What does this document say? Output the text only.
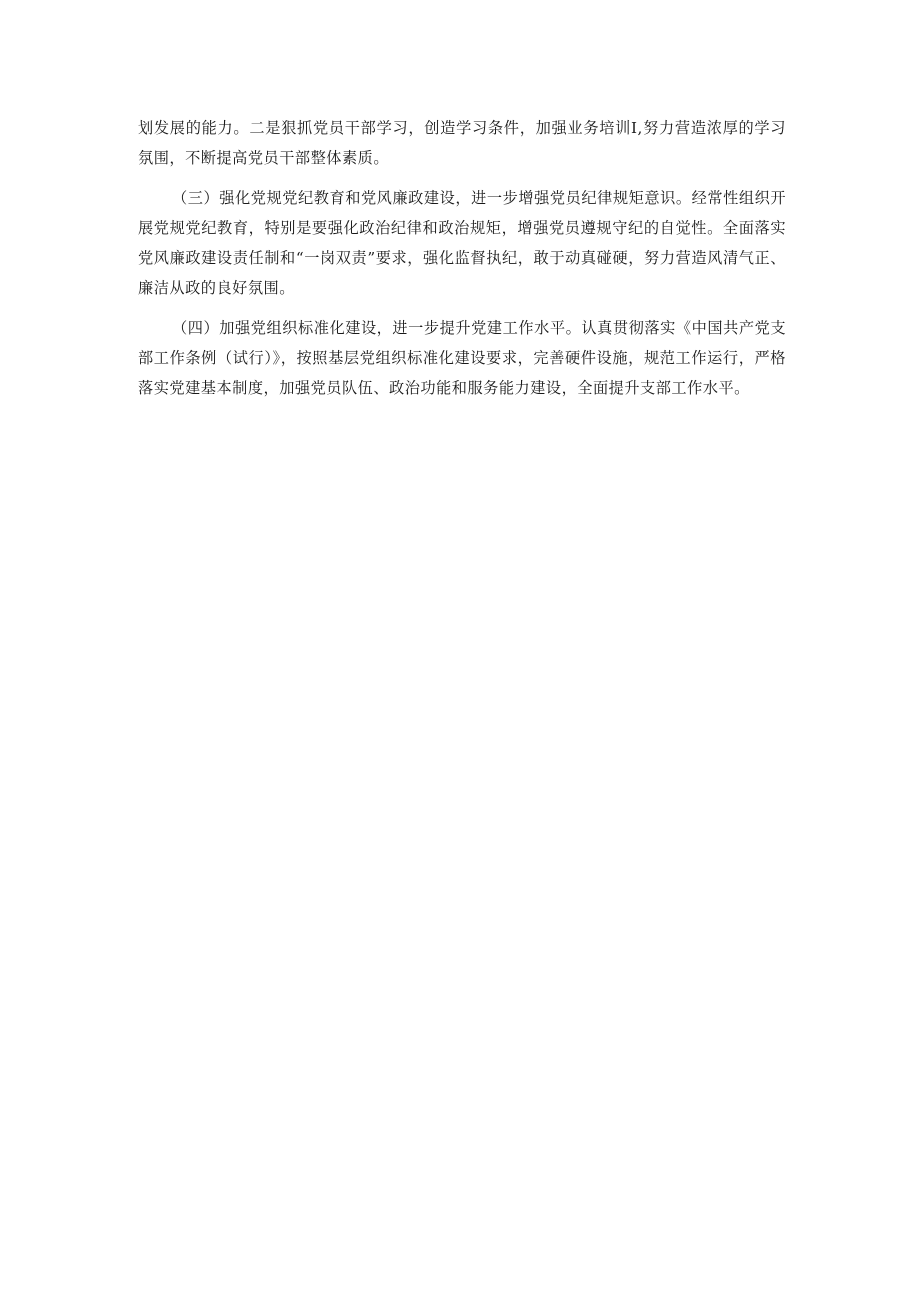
划发展的能力。二是狠抓党员干部学习，创造学习条件，加强业务培训I,努力营造浓厚的学习氛围，不断提高党员干部整体素质。

（三）强化党规党纪教育和党风廉政建设，进一步增强党员纪律规矩意识。经常性组织开展党规党纪教育，特别是要强化政治纪律和政治规矩，增强党员遵规守纪的自觉性。全面落实党风廉政建设责任制和“一岗双责”要求，强化监督执纪，敢于动真碰硬，努力营造风清气正、廉洁从政的良好氛围。

（四）加强党组织标准化建设，进一步提升党建工作水平。认真贯彻落实《中国共产党支部工作条例（试行）》，按照基层党组织标准化建设要求，完善硬件设施，规范工作运行，严格落实党建基本制度，加强党员队伍、政治功能和服务能力建设，全面提升支部工作水平。
